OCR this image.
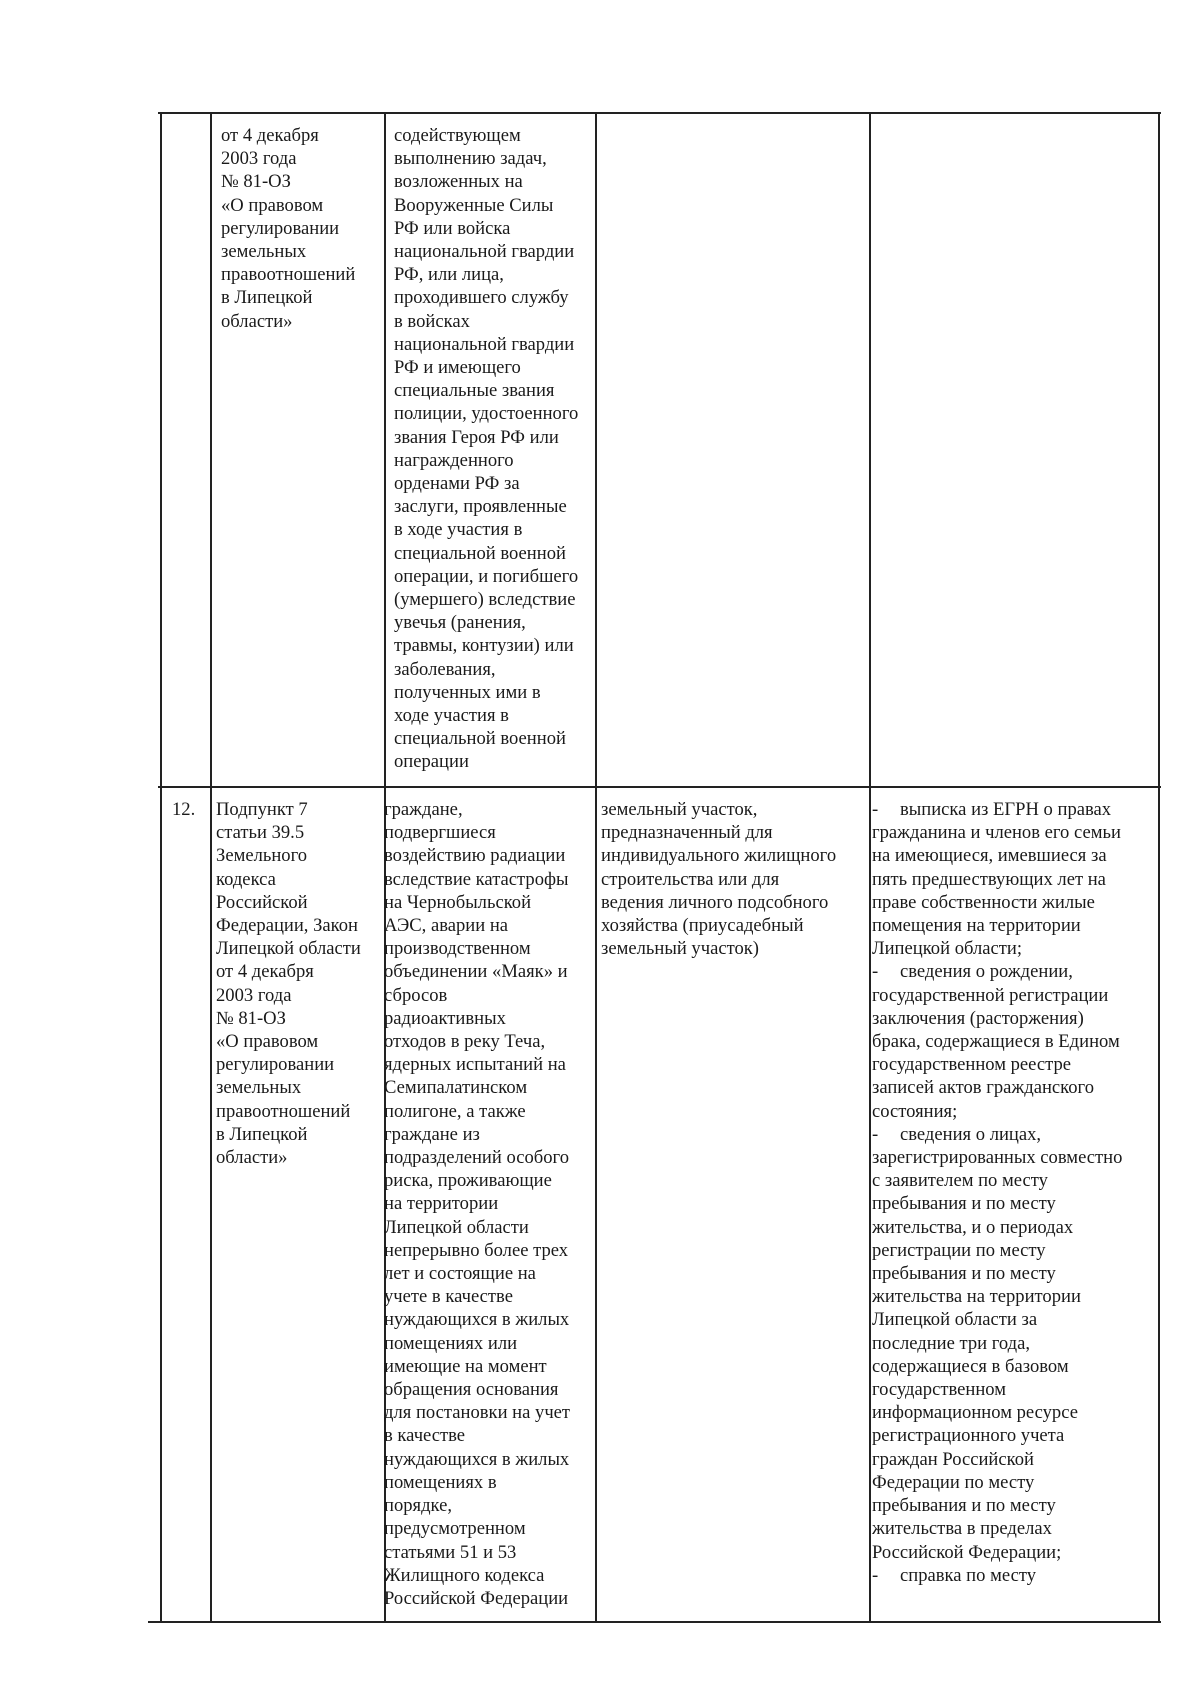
от 4 декабря
2003 года
№ 81-ОЗ
«О правовом
регулировании
земельных
правоотношений
в Липецкой
области»
содействующем
выполнению задач,
возложенных на
Вооруженные Силы
РФ или войска
национальной гвардии
РФ, или лица,
проходившего службу
в войсках
национальной гвардии
РФ и имеющего
специальные звания
полиции, удостоенного
звания Героя РФ или
награжденного
орденами РФ за
заслуги, проявленные
в ходе участия в
специальной военной
операции, и погибшего
(умершего) вследствие
увечья (ранения,
травмы, контузии) или
заболевания,
полученных ими в
ходе участия в
специальной военной
операции
12. Подпункт 7
статьи 39.5
Земельного
кодекса
Российской
Федерации, Закон
Липецкой области
от 4 декабря
2003 года
№ 81-ОЗ
«О правовом
регулировании
земельных
правоотношений
в Липецкой
области»
граждане,
подвергшиеся
воздействию радиации
вследствие катастрофы
на Чернобыльской
АЭС, аварии на
производственном
объединении «Маяк» и
сбросов
радиоактивных
отходов в реку Теча,
ядерных испытаний на
Семипалатинском
полигоне, а также
граждане из
подразделений особого
риска, проживающие
на территории
Липецкой области
непрерывно более трех
лет и состоящие на
учете в качестве
нуждающихся в жилых
помещениях или
имеющие на момент
обращения основания
для постановки на учет
в качестве
нуждающихся в жилых
помещениях в
порядке,
предусмотренном
статьями 51 и 53
Жилищного кодекса
Российской Федерации
земельный участок,
предназначенный для
индивидуального жилищного
строительства или для
ведения личного подсобного
хозяйства (приусадебный
земельный участок)
- выписка из ЕГРН о правах
гражданина и членов его семьи
на имеющиеся, имевшиеся за
пять предшествующих лет на
праве собственности жилые
помещения на территории
Липецкой области;
- сведения о рождении,
государственной регистрации
заключения (расторжения)
брака, содержащиеся в Едином
государственном реестре
записей актов гражданского
состояния;
- сведения о лицах,
зарегистрированных совместно
с заявителем по месту
пребывания и по месту
жительства, и о периодах
регистрации по месту
пребывания и по месту
жительства на территории
Липецкой области за
последние три года,
содержащиеся в базовом
государственном
информационном ресурсе
регистрационного учета
граждан Российской
Федерации по месту
пребывания и по месту
жительства в пределах
Российской Федерации;
- справка по месту
